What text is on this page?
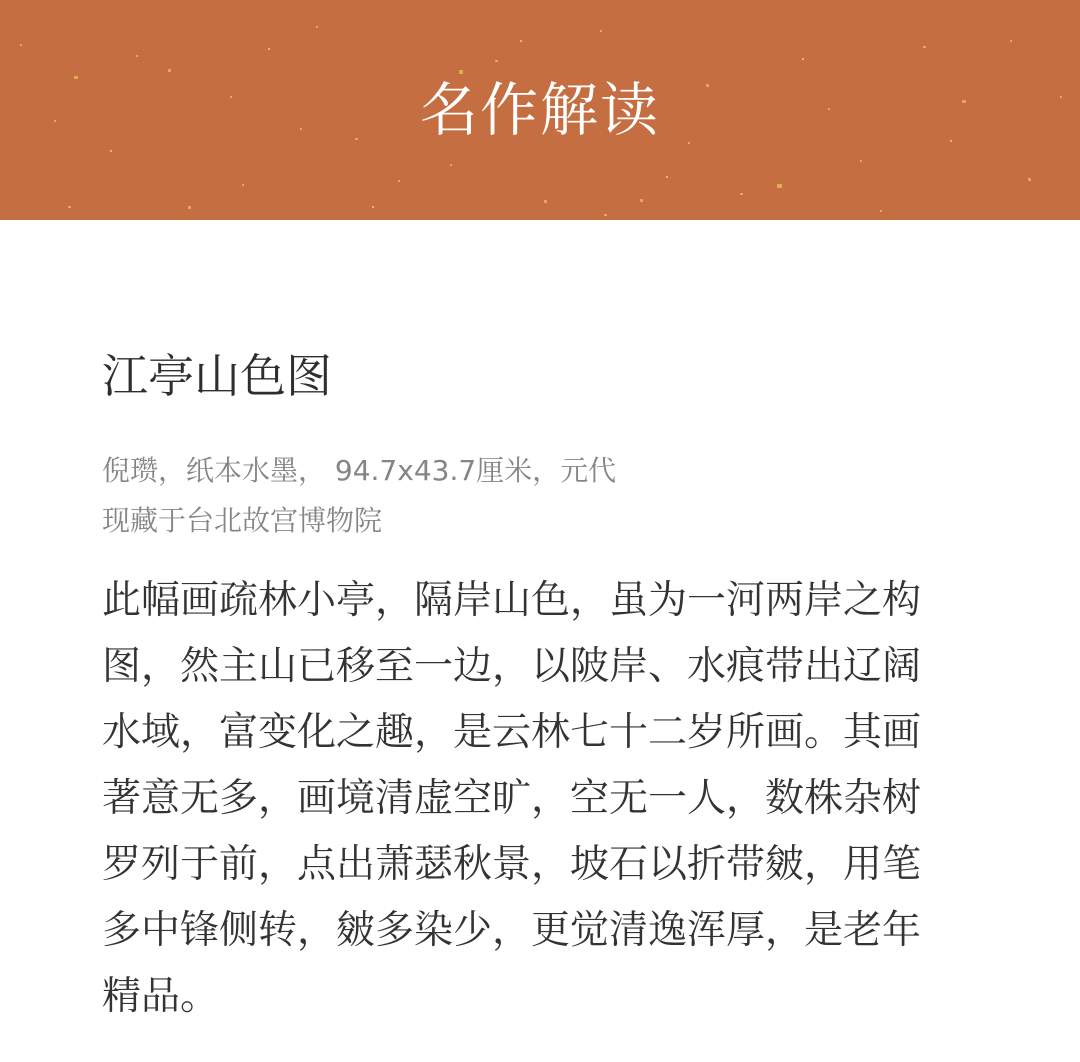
名作解读
江亭山色图
倪瓒，纸本水墨， 94.7x43.7厘米，元代
现藏于台北故宫博物院
此幅画疏林小亭，隔岸山色，虽为一河两岸之构
图，然主山已移至一边，以陂岸、水痕带出辽阔
水域，富变化之趣，是云林七十二岁所画。其画
著意无多，画境清虚空旷，空无一人，数株杂树
罗列于前，点出萧瑟秋景，坡石以折带皴，用笔
多中锋侧转，皴多染少，更觉清逸浑厚，是老年
精品。
